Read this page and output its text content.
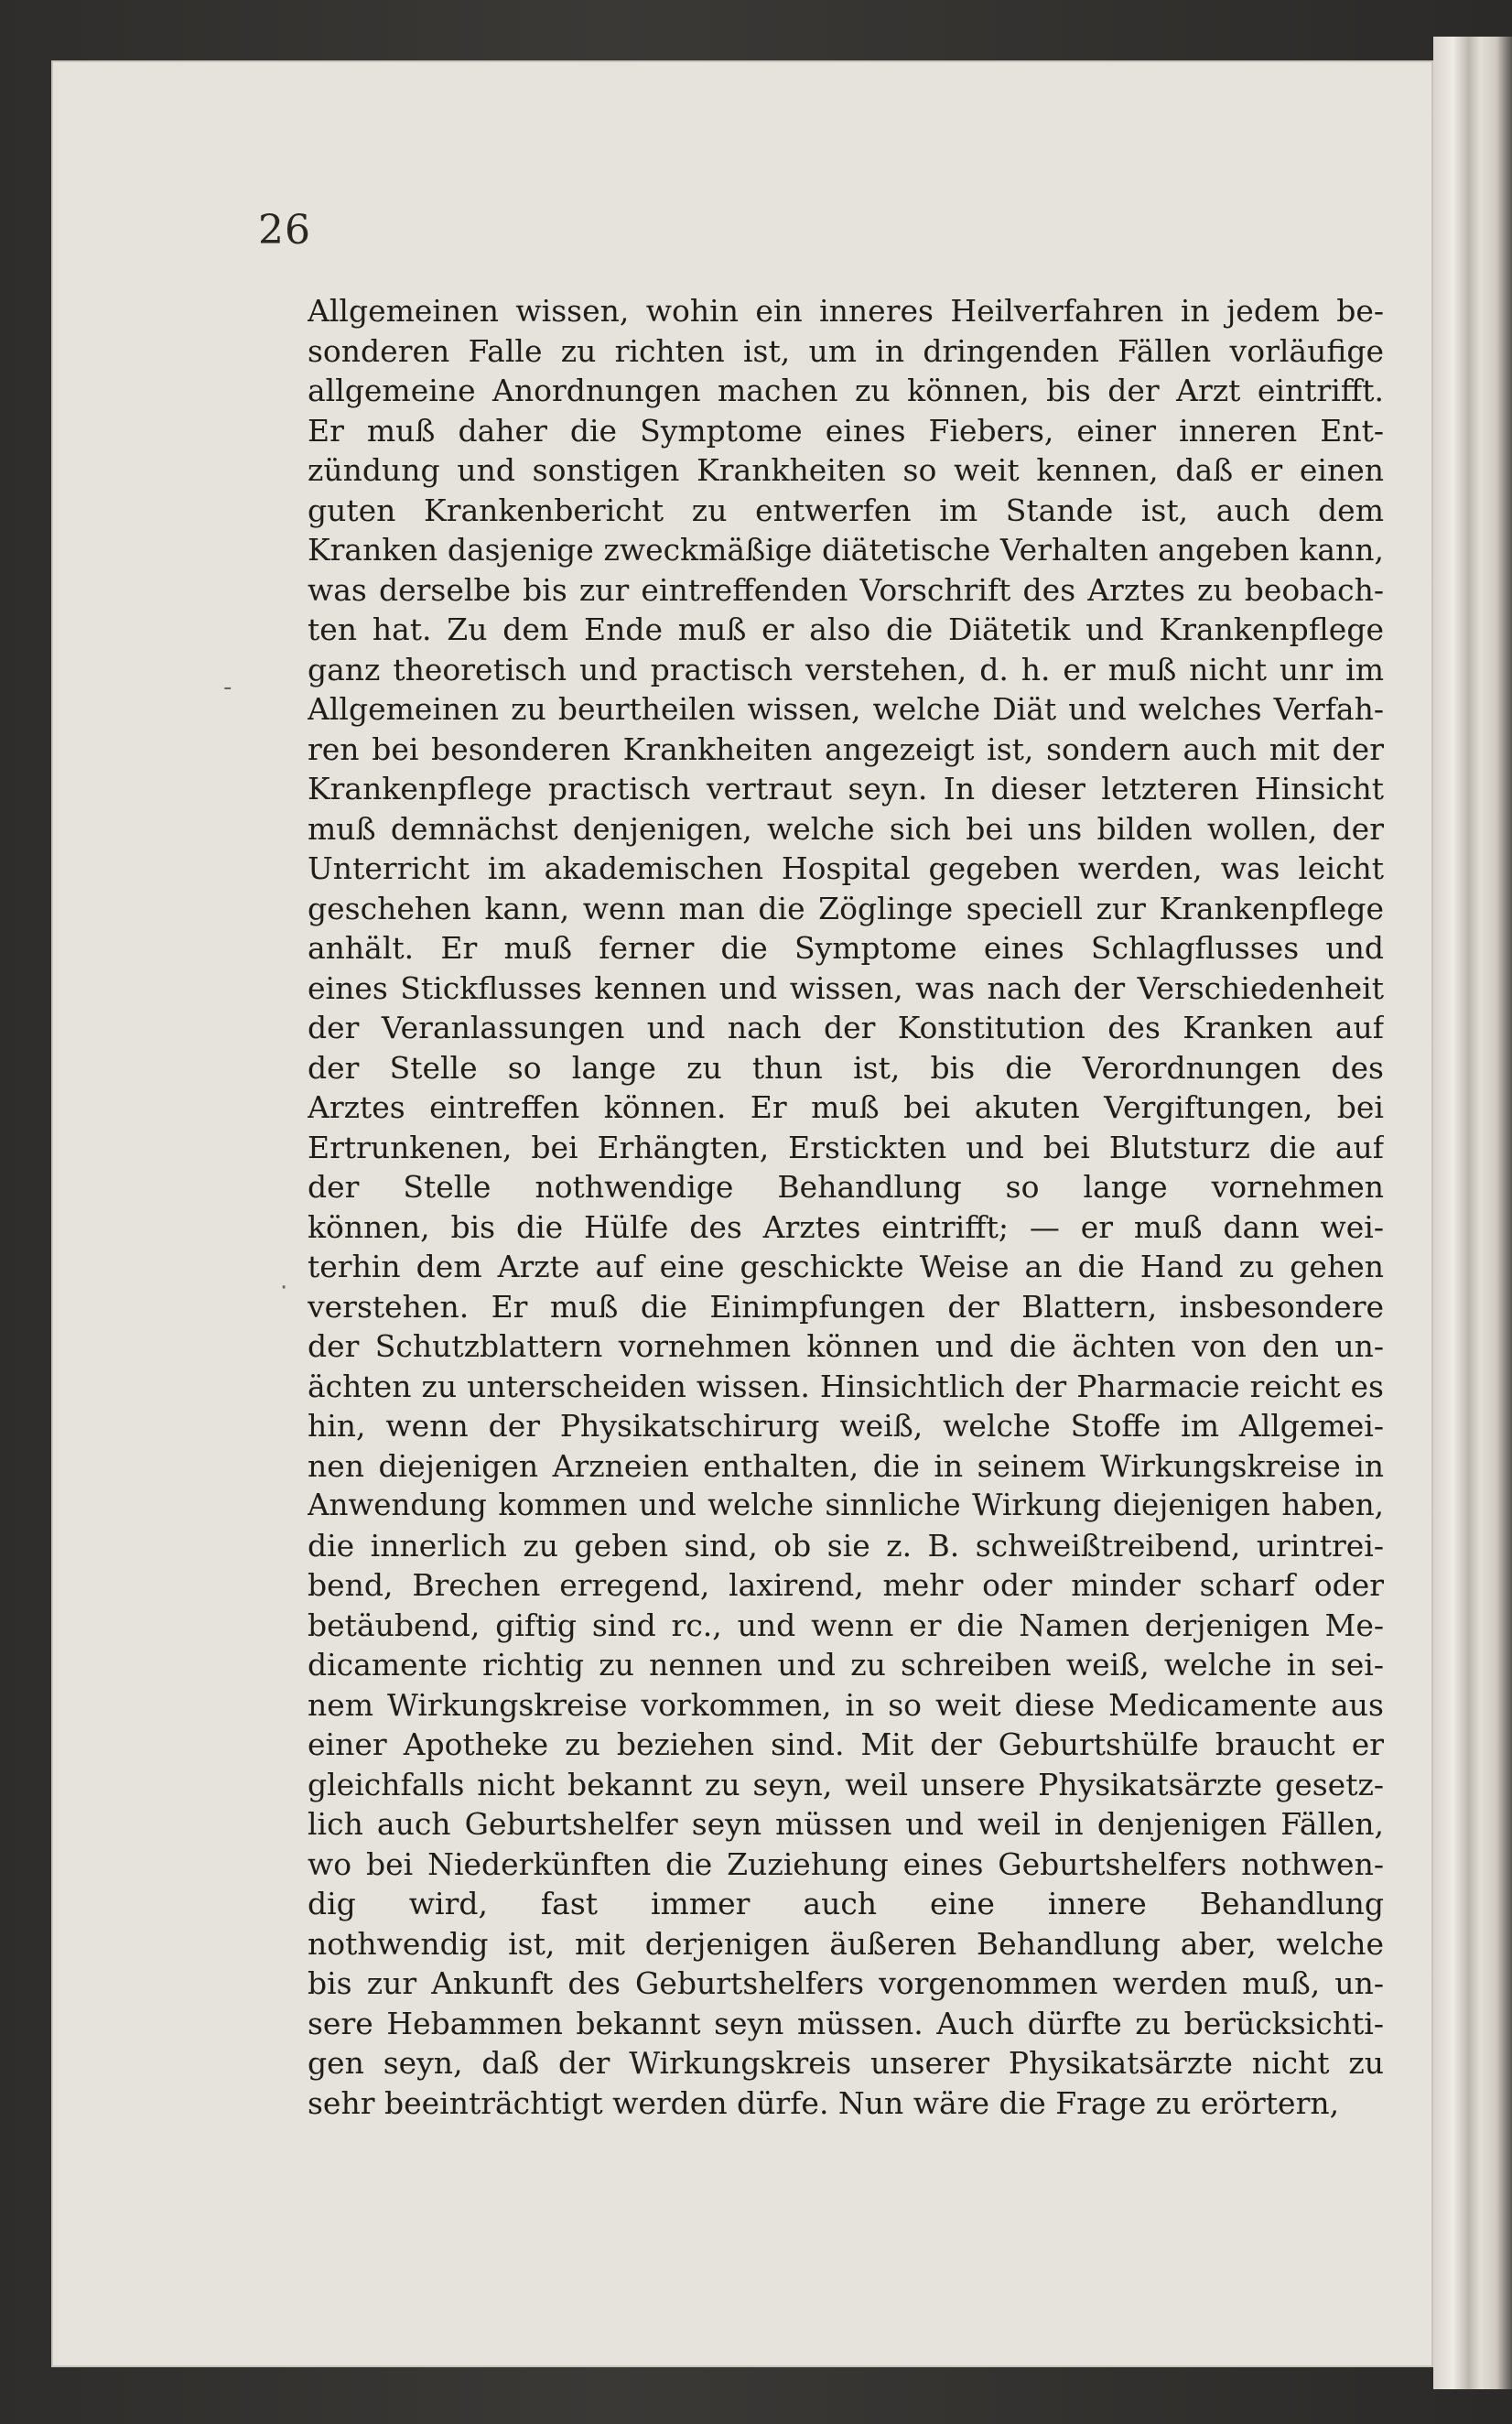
26
-
·
Allgemeinen wissen, wohin ein inneres Heilverfahren in jedem be-
sonderen Falle zu richten ist, um in dringenden Fällen vorläufige
allgemeine Anordnungen machen zu können, bis der Arzt eintrifft.
Er muß daher die Symptome eines Fiebers, einer inneren Ent-
zündung und sonstigen Krankheiten so weit kennen, daß er einen
guten Krankenbericht zu entwerfen im Stande ist, auch dem
Kranken dasjenige zweckmäßige diätetische Verhalten angeben kann,
was derselbe bis zur eintreffenden Vorschrift des Arztes zu beobach-
ten hat. Zu dem Ende muß er also die Diätetik und Krankenpflege
ganz theoretisch und practisch verstehen, d. h. er muß nicht unr im
Allgemeinen zu beurtheilen wissen, welche Diät und welches Verfah-
ren bei besonderen Krankheiten angezeigt ist, sondern auch mit der
Krankenpflege practisch vertraut seyn. In dieser letzteren Hinsicht
muß demnächst denjenigen, welche sich bei uns bilden wollen, der
Unterricht im akademischen Hospital gegeben werden, was leicht
geschehen kann, wenn man die Zöglinge speciell zur Krankenpflege
anhält. Er muß ferner die Symptome eines Schlagflusses und
eines Stickflusses kennen und wissen, was nach der Verschiedenheit
der Veranlassungen und nach der Konstitution des Kranken auf
der Stelle so lange zu thun ist, bis die Verordnungen des
Arztes eintreffen können. Er muß bei akuten Vergiftungen, bei
Ertrunkenen, bei Erhängten, Erstickten und bei Blutsturz die auf
der Stelle nothwendige Behandlung so lange vornehmen
können, bis die Hülfe des Arztes eintrifft; — er muß dann wei-
terhin dem Arzte auf eine geschickte Weise an die Hand zu gehen
verstehen. Er muß die Einimpfungen der Blattern, insbesondere
der Schutzblattern vornehmen können und die ächten von den un-
ächten zu unterscheiden wissen. Hinsichtlich der Pharmacie reicht es
hin, wenn der Physikatschirurg weiß, welche Stoffe im Allgemei-
nen diejenigen Arzneien enthalten, die in seinem Wirkungskreise in
Anwendung kommen und welche sinnliche Wirkung diejenigen haben,
die innerlich zu geben sind, ob sie z. B. schweißtreibend, urintrei-
bend, Brechen erregend, laxirend, mehr oder minder scharf oder
betäubend, giftig sind rc., und wenn er die Namen derjenigen Me-
dicamente richtig zu nennen und zu schreiben weiß, welche in sei-
nem Wirkungskreise vorkommen, in so weit diese Medicamente aus
einer Apotheke zu beziehen sind. Mit der Geburtshülfe braucht er
gleichfalls nicht bekannt zu seyn, weil unsere Physikatsärzte gesetz-
lich auch Geburtshelfer seyn müssen und weil in denjenigen Fällen,
wo bei Niederkünften die Zuziehung eines Geburtshelfers nothwen-
dig wird, fast immer auch eine innere Behandlung
nothwendig ist, mit derjenigen äußeren Behandlung aber, welche
bis zur Ankunft des Geburtshelfers vorgenommen werden muß, un-
sere Hebammen bekannt seyn müssen. Auch dürfte zu berücksichti-
gen seyn, daß der Wirkungskreis unserer Physikatsärzte nicht zu
sehr beeinträchtigt werden dürfe. Nun wäre die Frage zu erörtern,
